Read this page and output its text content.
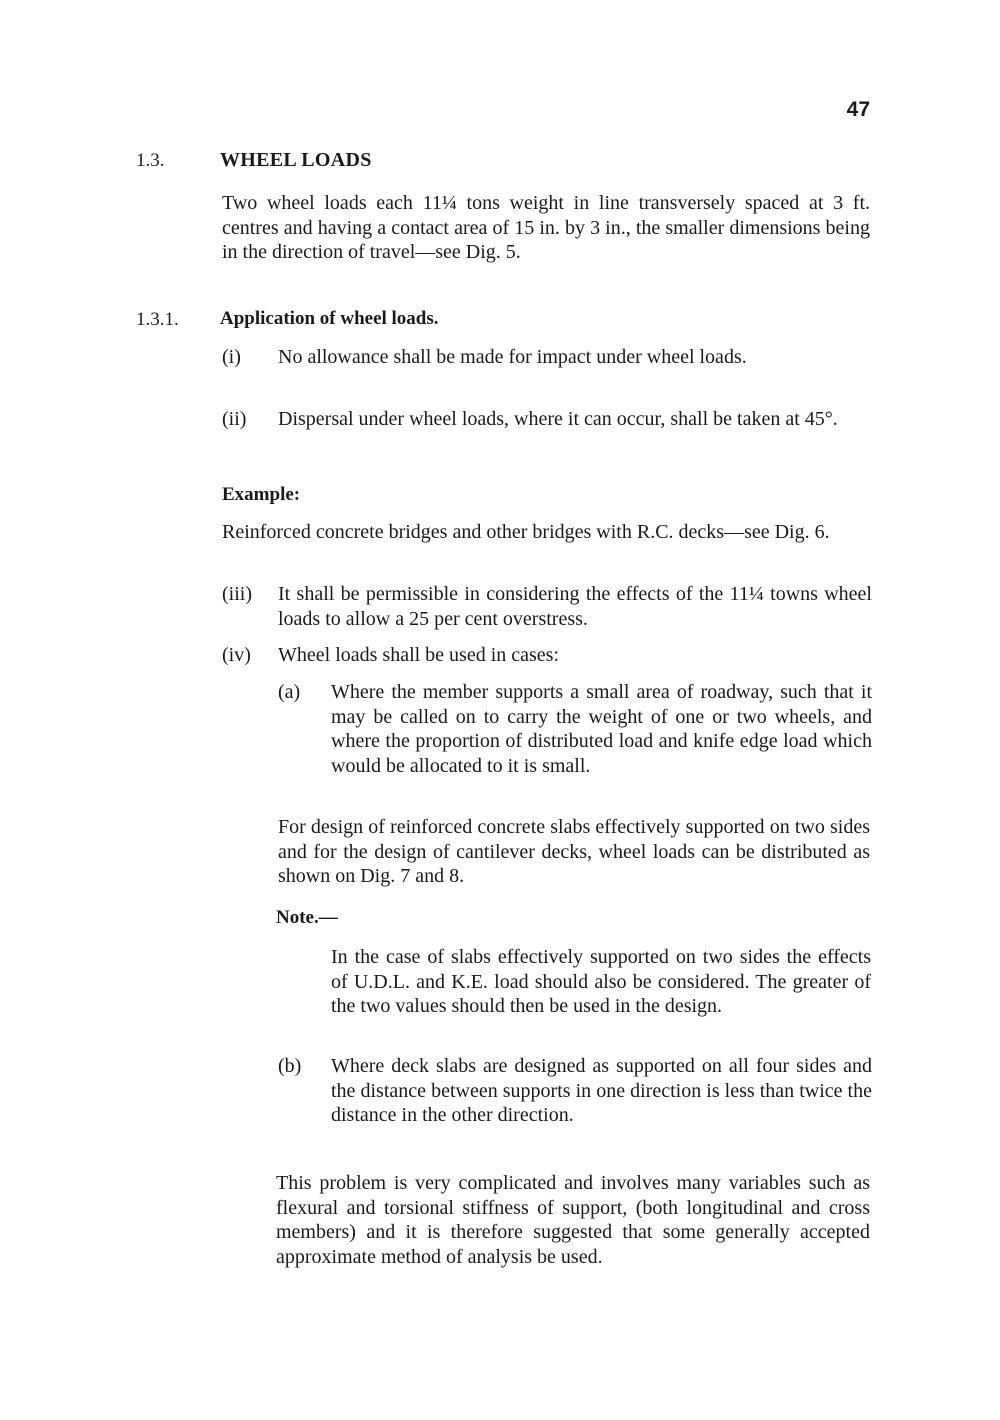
47
1.3.	WHEEL LOADS

Two wheel loads each 11¼ tons weight in line transversely spaced at 3 ft. centres and having a contact area of 15 in. by 3 in., the smaller dimensions being in the direction of travel—see Dig. 5.

1.3.1. Application of wheel loads.
(i) No allowance shall be made for impact under wheel loads.

(ii) Dispersal under wheel loads, where it can occur, shall be taken at 45°.

Example:

Reinforced concrete bridges and other bridges with R.C. decks—see Dig. 6.

(iii) It shall be permissible in considering the effects of the 11¼ towns wheel loads to allow a 25 per cent overstress.

(iv) Wheel loads shall be used in cases:

(a) Where the member supports a small area of roadway, such that it may be called on to carry the weight of one or two wheels, and where the proportion of distributed load and knife edge load which would be allocated to it is small.

For design of reinforced concrete slabs effectively supported on two sides and for the design of cantilever decks, wheel loads can be distributed as shown on Dig. 7 and 8.

Note.—

In the case of slabs effectively supported on two sides the effects of U.D.L. and K.E. load should also be considered. The greater of the two values should then be used in the design.

(b) Where deck slabs are designed as supported on all four sides and the distance between supports in one direction is less than twice the distance in the other direction.

This problem is very complicated and involves many variables such as flexural and torsional stiffness of support, (both longitudinal and cross members) and it is therefore suggested that some generally accepted approximate method of analysis be used.
